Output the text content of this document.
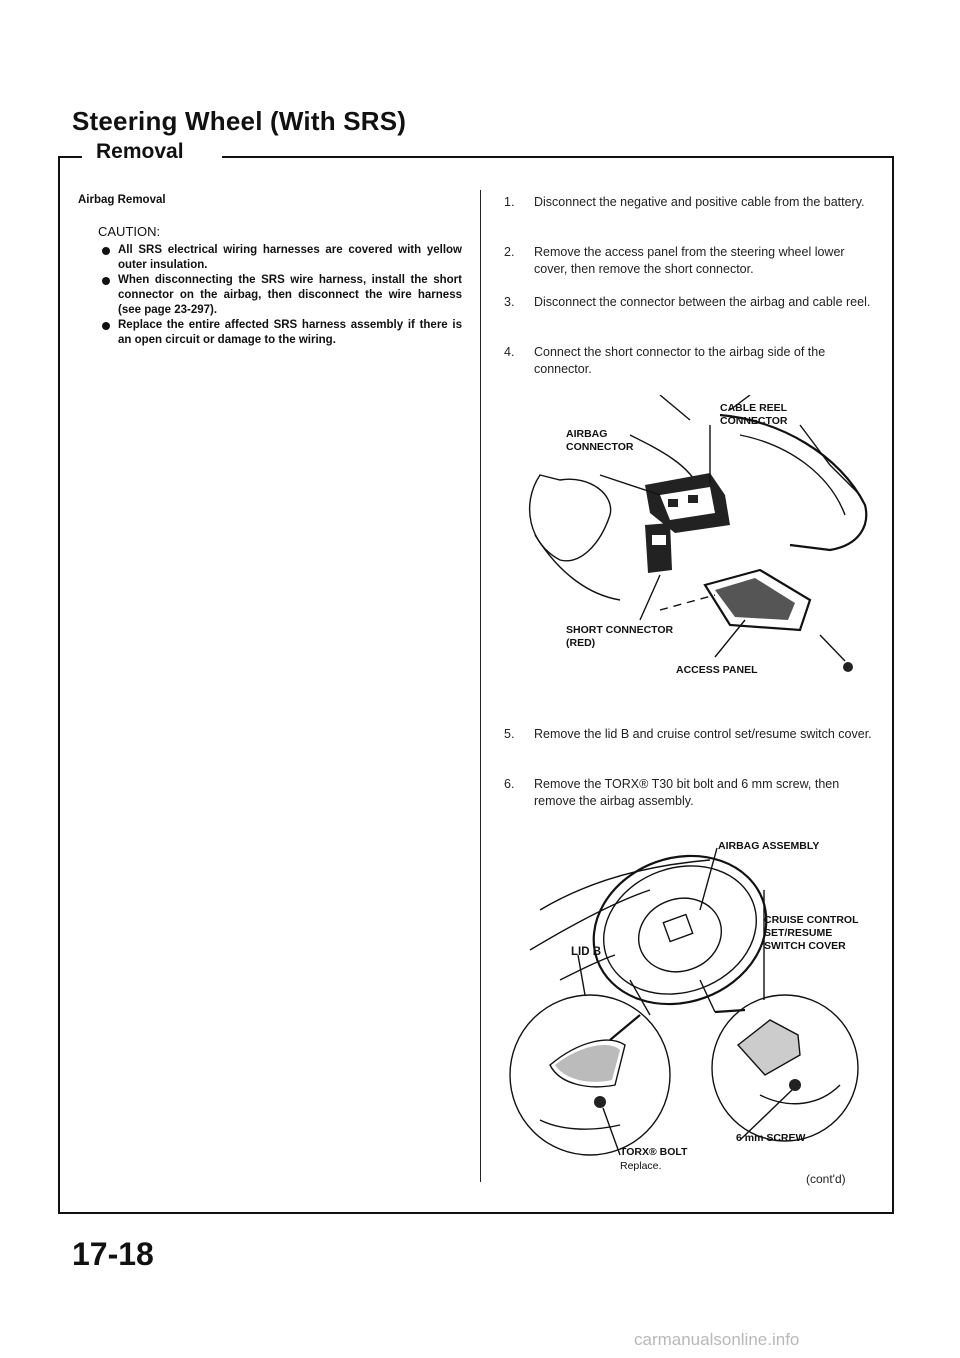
Steering Wheel (With SRS)
Removal

Airbag Removal

CAUTION:

All SRS electrical wiring harnesses are covered with yellow outer insulation.
When disconnecting the SRS wire harness, install the short connector on the airbag, then disconnect the wire harness (see page 23-297).
Replace the entire affected SRS harness assembly if there is an open circuit or damage to the wiring.
1. Disconnect the negative and positive cable from the battery.
2. Remove the access panel from the steering wheel lower cover, then remove the short connector.
3. Disconnect the connector between the airbag and cable reel.
4. Connect the short connector to the airbag side of the connector.
5. Remove the lid B and cruise control set/resume switch cover.
6. Remove the TORX® T30 bit bolt and 6 mm screw, then remove the airbag assembly.
CABLE REEL
CONNECTOR
AIRBAG
CONNECTOR
SHORT CONNECTOR
(RED)
ACCESS PANEL
AIRBAG ASSEMBLY
CRUISE CONTROL
SET/RESUME
SWITCH COVER
LID B
TORX® BOLT
Replace.
6 mm SCREW
(cont'd)
17-18
carmanualsonline.info
